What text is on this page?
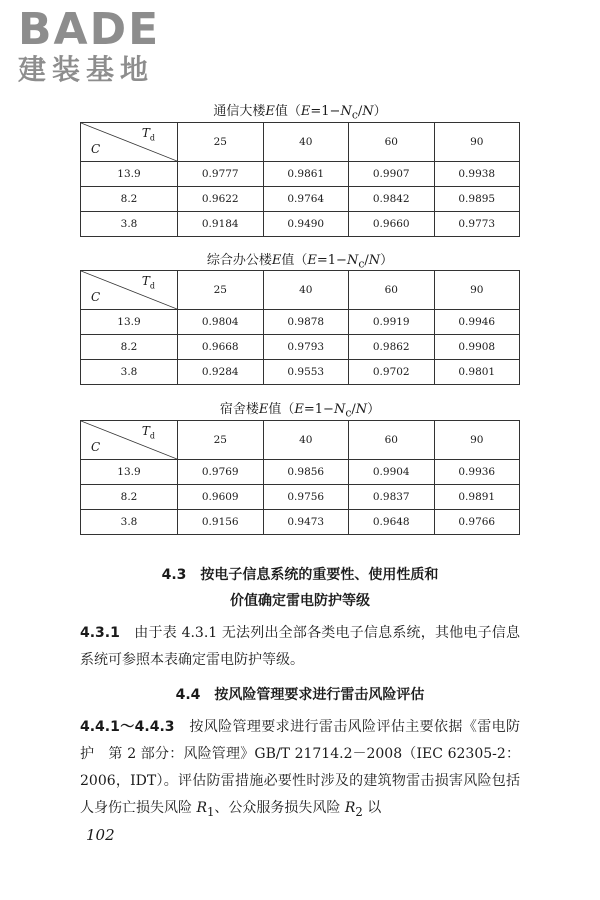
BADE
建装基地
通信大楼E值$(E=1-N_c/N)$
$T_d$
C	25	40	60	90
13.9	0.9777	0.9861	0.9907	0.9938
8.2	0.9622	0.9764	0.9842	0.9895
3.8	0.9184	0.9490	0.9660	0.9773
综合办公楼E值$(E=1-N_c/N)$
$T_d$
C	25	40	60	90
13.9	0.9804	0.9878	0.9919	0.9946
8.2	0.9668	0.9793	0.9862	0.9908
3.8	0.9284	0.9553	0.9702	0.9801
宿舍楼E值$(E=1-N_c/N)$
$T_d$
C	25	40	60	90
13.9	0.9769	0.9856	0.9904	0.9936
8.2	0.9609	0.9756	0.9837	0.9891
3.8	0.9156	0.9473	0.9648	0.9766
4.3　按电子信息系统的重要性、使用性质和
价值确定雷电防护等级
4.3.1　 由于表 4.3.1 无法列出全部各类电子信息系统，其他电子信息系统可参照本表确定雷电防护等级。
4.4　按风险管理要求进行雷击风险评估
4.4.1～4.4.3　 按风险管理要求进行雷击风险评估主要依据《雷电防护　第 2 部分：风险管理》GB/T 21714.2－2008（IEC 62305-2：2006，IDT）。评估防雷措施必要性时涉及的建筑物雷击损害风险包括人身伤亡损失风险 $R_1$、公众服务损失风险 $R_2$ 以
102
